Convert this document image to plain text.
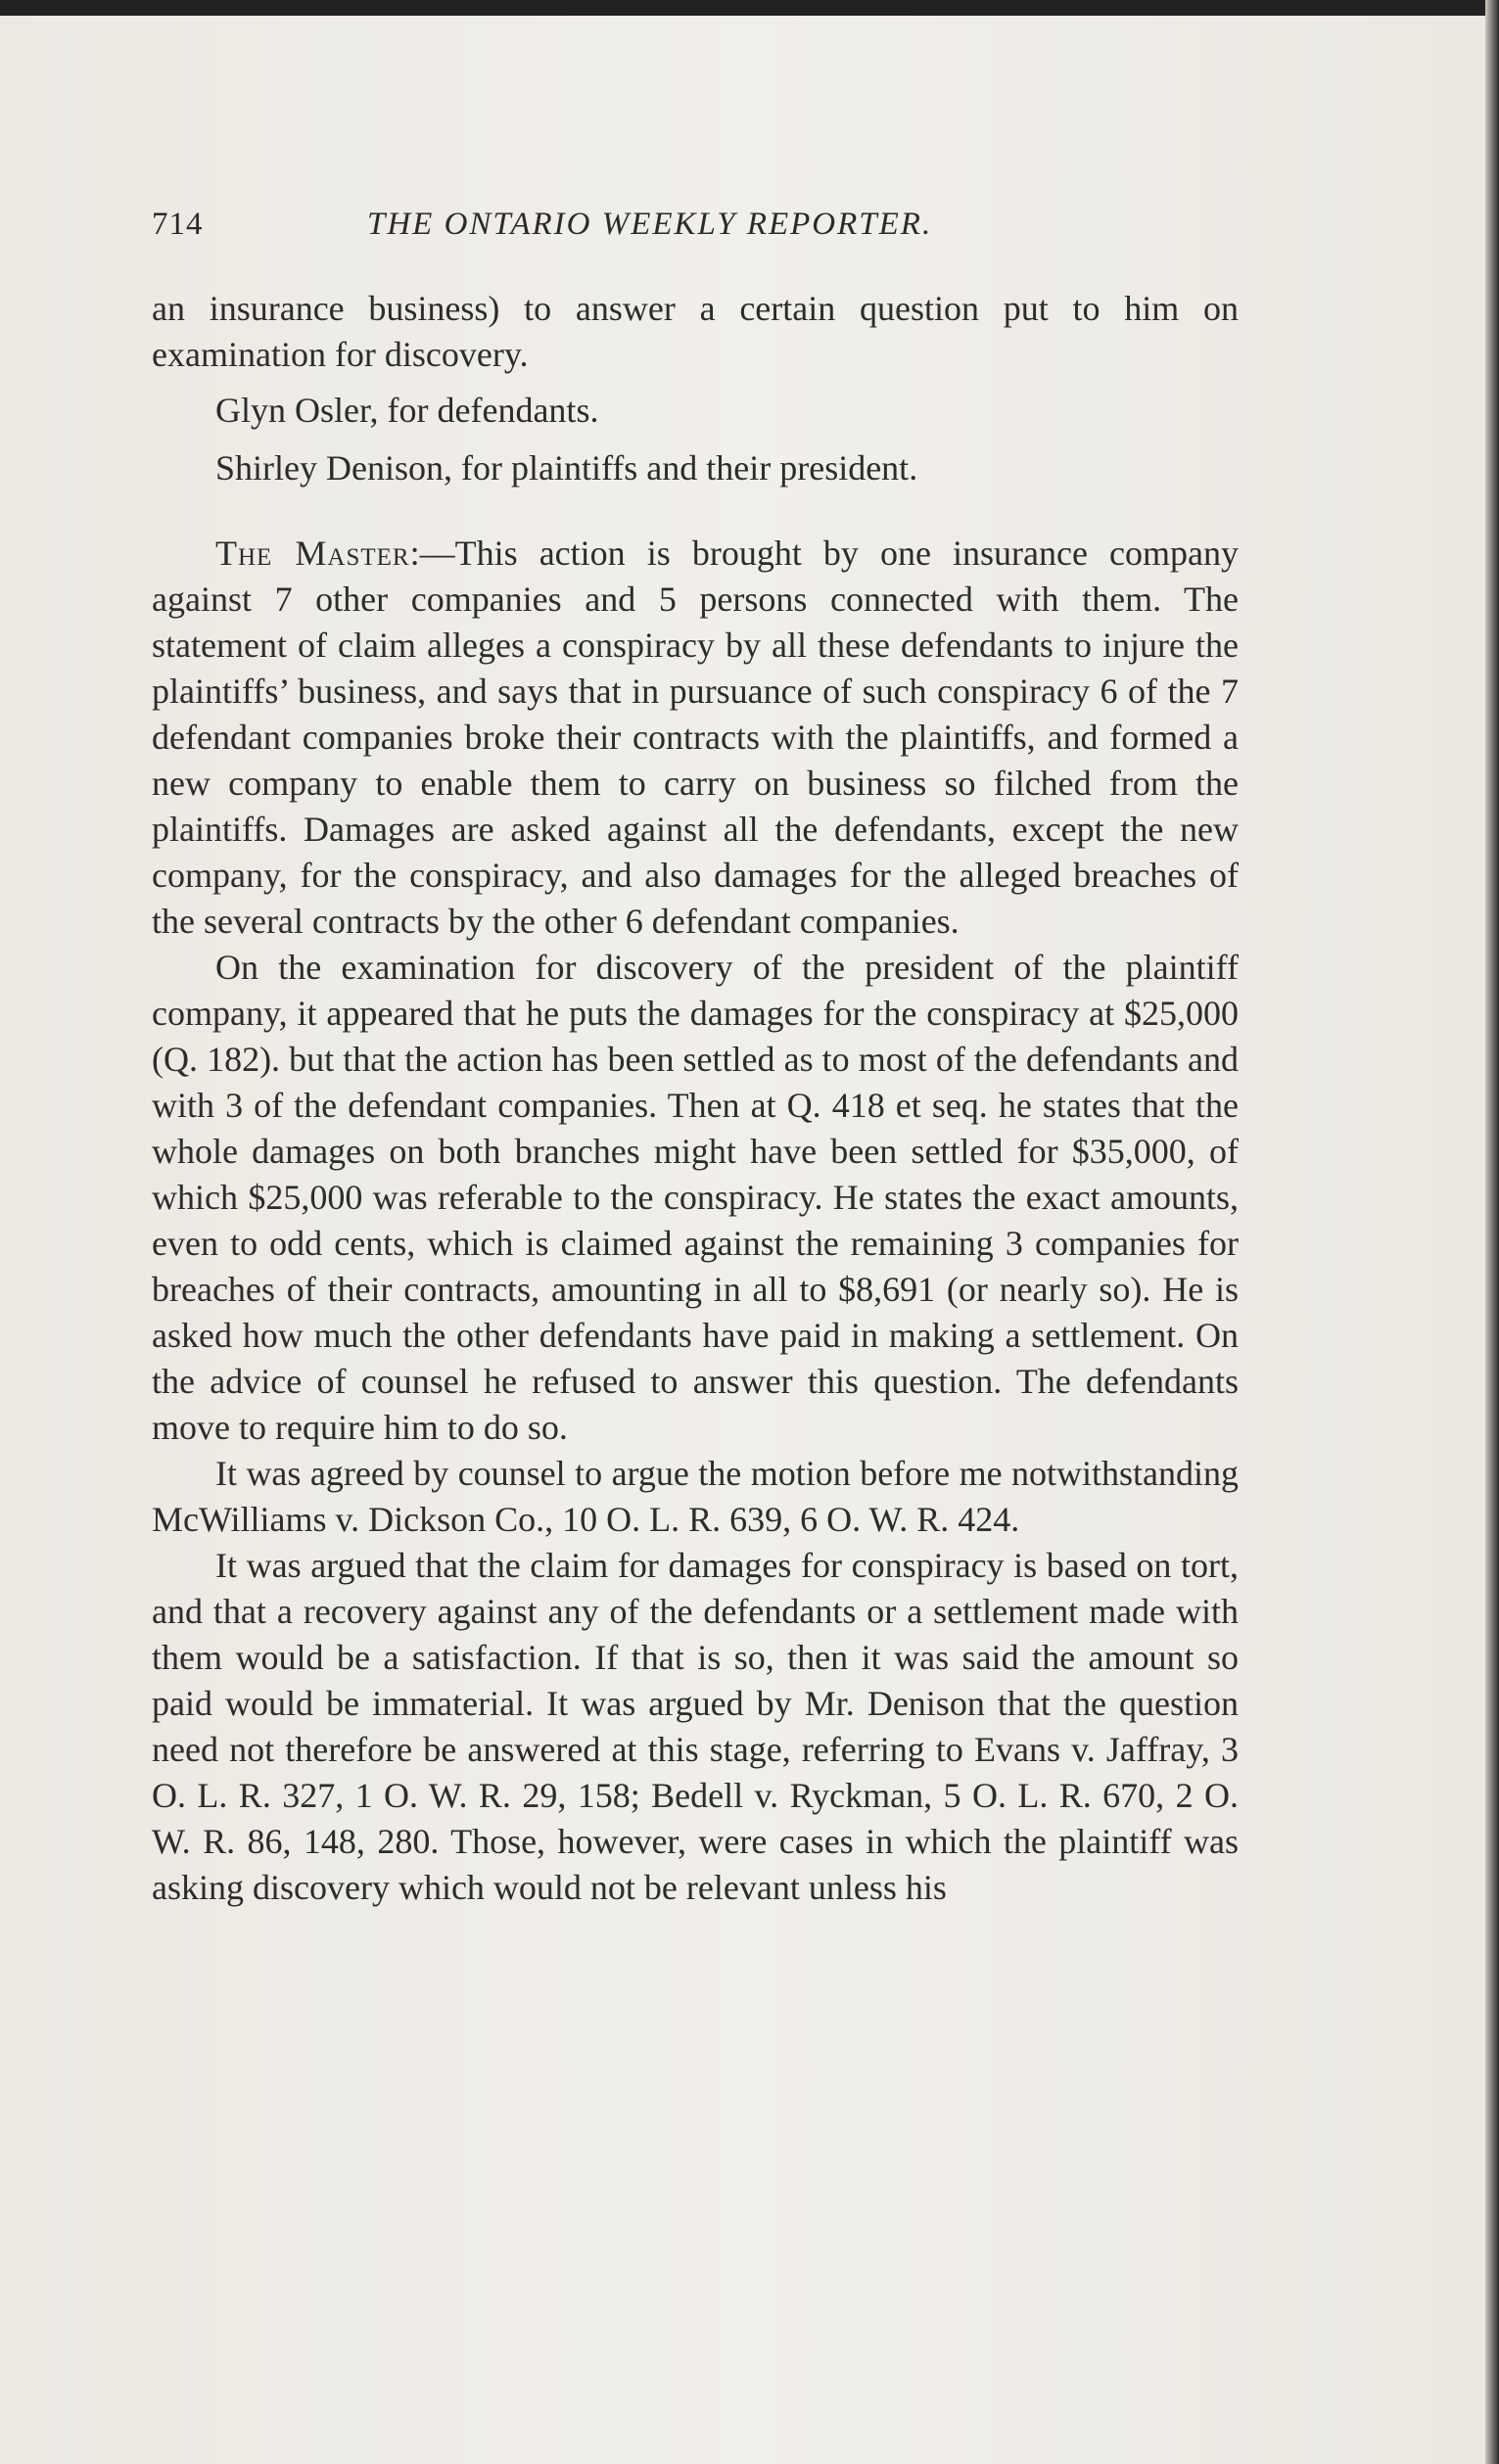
714	THE ONTARIO WEEKLY REPORTER.

an insurance business) to answer a certain question put to him on examination for discovery.

Glyn Osler, for defendants.

Shirley Denison, for plaintiffs and their president.

The Master:—This action is brought by one insurance company against 7 other companies and 5 persons connected with them. The statement of claim alleges a conspiracy by all these defendants to injure the plaintiffs’ business, and says that in pursuance of such conspiracy 6 of the 7 defendant companies broke their contracts with the plaintiffs, and formed a new company to enable them to carry on business so filched from the plaintiffs. Damages are asked against all the defendants, except the new company, for the conspiracy, and also damages for the alleged breaches of the several contracts by the other 6 defendant companies.

On the examination for discovery of the president of the plaintiff company, it appeared that he puts the damages for the conspiracy at $25,000 (Q. 182). but that the action has been settled as to most of the defendants and with 3 of the defendant companies. Then at Q. 418 et seq. he states that the whole damages on both branches might have been settled for $35,000, of which $25,000 was referable to the conspiracy. He states the exact amounts, even to odd cents, which is claimed against the remaining 3 companies for breaches of their contracts, amounting in all to $8,691 (or nearly so). He is asked how much the other defendants have paid in making a settlement. On the advice of counsel he refused to answer this question. The defendants move to require him to do so.

It was agreed by counsel to argue the motion before me notwithstanding McWilliams v. Dickson Co., 10 O. L. R. 639, 6 O. W. R. 424.

It was argued that the claim for damages for conspiracy is based on tort, and that a recovery against any of the defendants or a settlement made with them would be a satisfaction. If that is so, then it was said the amount so paid would be immaterial. It was argued by Mr. Denison that the question need not therefore be answered at this stage, referring to Evans v. Jaffray, 3 O. L. R. 327, 1 O. W. R. 29, 158; Bedell v. Ryckman, 5 O. L. R. 670, 2 O. W. R. 86, 148, 280. Those, however, were cases in which the plaintiff was asking discovery which would not be relevant unless his
